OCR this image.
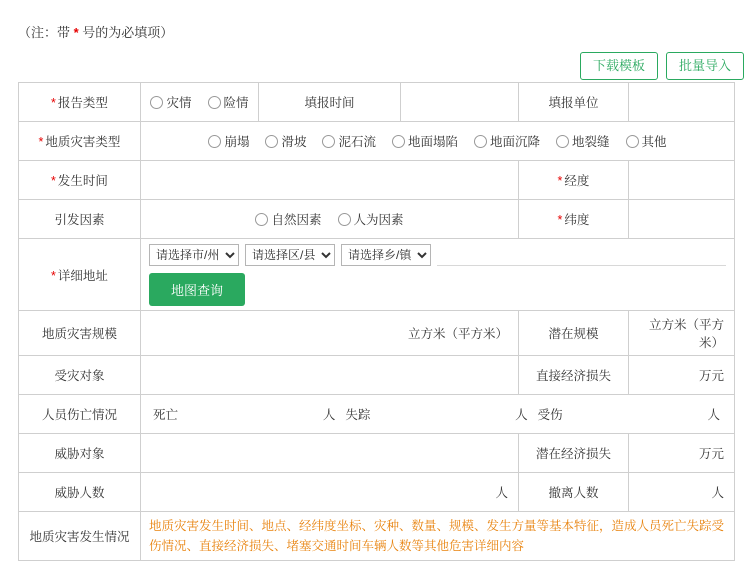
（注：带 * 号的为必填项）
下载模板	批量导入
* 报告类型	灾情 险情	填报时间		填报单位	
* 地质灾害类型	崩塌	滑坡	泥石流	地面塌陷	地面沉降	地裂缝	其他

* 发生时间				* 经度	
引发因素	自然因素 人为因素			* 纬度	
* 详细地址	
请选择市/州
请选择区/县
请选择乡/镇
地图查询
地质灾害规模	立方米（平方米）			潜在规模	立方米（平方米）

受灾对象				直接经济损失	万元

人员伤亡情况	死亡	人 失踪	人 受伤	人

威胁对象				潜在经济损失	万元

威胁人数	人			撤离人数	人

地质灾害发生情况	地质灾害发生时间、地点、经纬度坐标、灾种、数量、规模、发生方量等基本特征，造成人员死亡失踪受伤情况、直接经济损失、堵塞交通时间车辆人数等其他危害详细内容				
